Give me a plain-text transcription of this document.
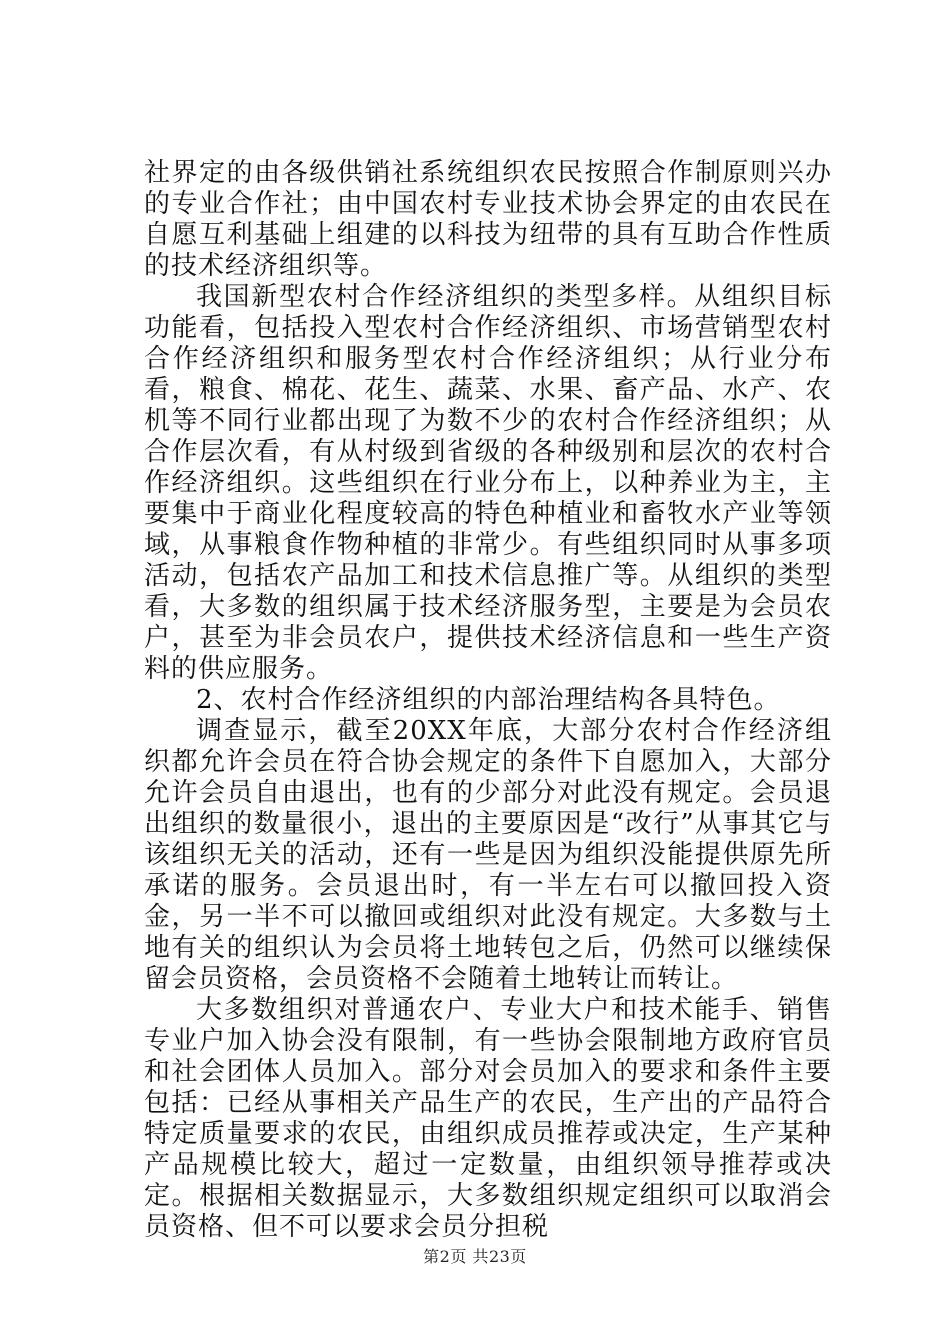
社界定的由各级供销社系统组织农民按照合作制原则兴办的专业合作社；由中国农村专业技术协会界定的由农民在自愿互利基础上组建的以科技为纽带的具有互助合作性质的技术经济组织等。

我国新型农村合作经济组织的类型多样。从组织目标功能看，包括投入型农村合作经济组织、市场营销型农村合作经济组织和服务型农村合作经济组织；从行业分布看，粮食、棉花、花生、蔬菜、水果、畜产品、水产、农机等不同行业都出现了为数不少的农村合作经济组织；从合作层次看，有从村级到省级的各种级别和层次的农村合作经济组织。这些组织在行业分布上，以种养业为主，主要集中于商业化程度较高的特色种植业和畜牧水产业等领域，从事粮食作物种植的非常少。有些组织同时从事多项活动，包括农产品加工和技术信息推广等。从组织的类型看，大多数的组织属于技术经济服务型，主要是为会员农户，甚至为非会员农户，提供技术经济信息和一些生产资料的供应服务。

2、农村合作经济组织的内部治理结构各具特色。

调查显示，截至20XX年底，大部分农村合作经济组织都允许会员在符合协会规定的条件下自愿加入，大部分允许会员自由退出，也有的少部分对此没有规定。会员退出组织的数量很小，退出的主要原因是“改行”从事其它与该组织无关的活动，还有一些是因为组织没能提供原先所承诺的服务。会员退出时，有一半左右可以撤回投入资金，另一半不可以撤回或组织对此没有规定。大多数与土地有关的组织认为会员将土地转包之后，仍然可以继续保留会员资格，会员资格不会随着土地转让而转让。

大多数组织对普通农户、专业大户和技术能手、销售专业户加入协会没有限制，有一些协会限制地方政府官员和社会团体人员加入。部分对会员加入的要求和条件主要包括：已经从事相关产品生产的农民，生产出的产品符合特定质量要求的农民，由组织成员推荐或决定，生产某种产品规模比较大，超过一定数量，由组织领导推荐或决定。根据相关数据显示，大多数组织规定组织可以取消会员资格、但不可以要求会员分担税

第2页 共23页
